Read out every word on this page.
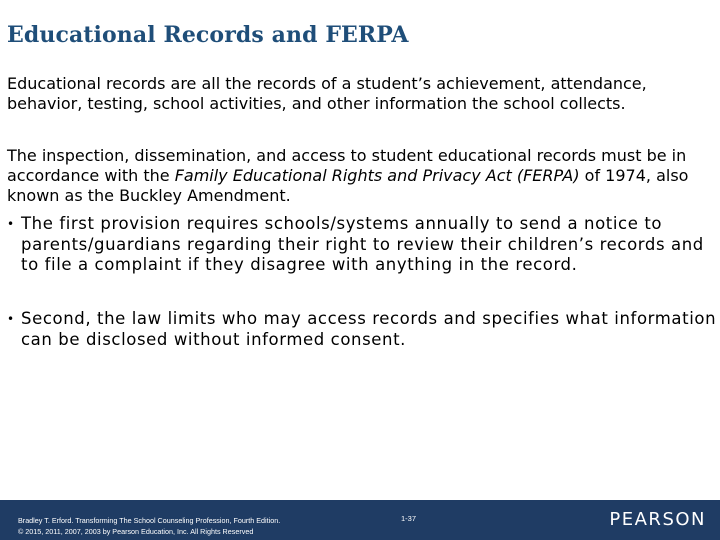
Educational Records and FERPA

Educational records are all the records of a student’s achievement, attendance, behavior, testing, school activities, and other information the school collects.

The inspection, dissemination, and access to student educational records must be in accordance with the Family Educational Rights and Privacy Act (FERPA) of 1974, also known as the Buckley Amendment.

• The first provision requires schools/systems annually to send a notice to parents/guardians regarding their right to review their children’s records and to file a complaint if they disagree with anything in the record.
• Second, the law limits who may access records and specifies what information can be disclosed without informed consent.
Bradley T. Erford. Transforming The School Counseling Profession, Fourth Edition.
© 2015, 2011, 2007, 2003 by Pearson Education, Inc. All Rights Reserved
1-37	PEARSON
